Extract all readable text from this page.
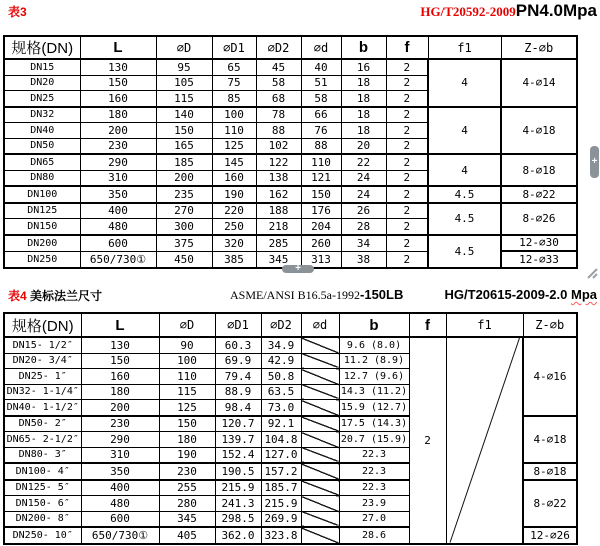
表3	HG/T20592-2009 PN4.0Mpa
规格(DN)	L	∅D	∅D1	∅D2	∅d	b	f	f1	Z-∅b
DN15	130	95	65	45	40	16	2	4	4-∅14
DN20	150	105	75	58	51	18	2		
DN25	160	115	85	68	58	18	2		
DN32	180	140	100	78	66	18	2	4	4-∅18
DN40	200	150	110	88	76	18	2		
DN50	230	165	125	102	88	20	2		
DN65	290	185	145	122	110	22	2	4	8-∅18
DN80	310	200	160	138	121	24	2		
DN100	350	235	190	162	150	24	2	4.5	8-∅22
DN125	400	270	220	188	176	26	2	4.5	8-∅26
DN150	480	300	250	218	204	28	2		
DN200	600	375	320	285	260	34	2	4.5	12-∅30
DN250	650/730①	450	385	345	313	38	2		12-∅33
+
+
表4 美标法兰尺寸	ASME/ANSI B16.5a-1992-150LB	HG/T20615-2009-2.0 Mpa
规格(DN)	L	∅D	∅D1	∅D2	∅d	b	f	f1	Z-∅b
DN15- 1/2″	130	90	60.3	34.9		9.6 (8.0)	2		4-∅16
DN20- 3/4″	150	100	69.9	42.9		11.2 (8.9)			
DN25- 1″	160	110	79.4	50.8		12.7 (9.6)			
DN32- 1-1/4″	180	115	88.9	63.5		14.3 (11.2)			
DN40- 1-1/2″	200	125	98.4	73.0		15.9 (12.7)			
DN50- 2″	230	150	120.7	92.1		17.5 (14.3)			4-∅18
DN65- 2-1/2″	290	180	139.7	104.8		20.7 (15.9)			
DN80- 3″	310	190	152.4	127.0		22.3			
DN100- 4″	350	230	190.5	157.2		22.3			8-∅18
DN125- 5″	400	255	215.9	185.7		22.3			8-∅22
DN150- 6″	480	280	241.3	215.9		23.9			
DN200- 8″	600	345	298.5	269.9		27.0			
DN250- 10″	650/730①	405	362.0	323.8		28.6			12-∅26
